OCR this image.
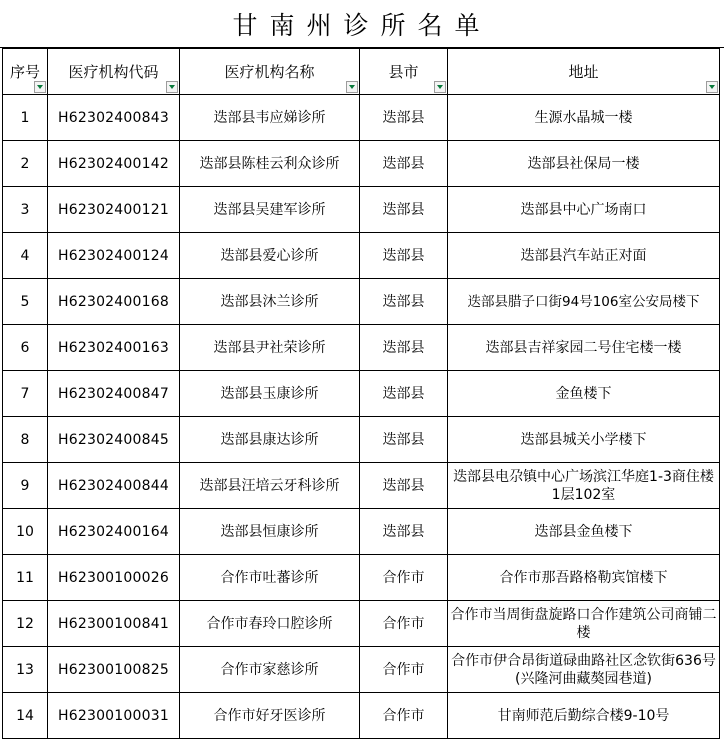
甘南州诊所名单
序号	医疗机构代码	医疗机构名称	县市	地址

1	H62302400843	迭部县韦应娣诊所	迭部县	生源水晶城一楼
2	H62302400142	迭部县陈桂云利众诊所	迭部县	迭部县社保局一楼
3	H62302400121	迭部县吴建军诊所	迭部县	迭部县中心广场南口
4	H62302400124	迭部县爱心诊所	迭部县	迭部县汽车站正对面
5	H62302400168	迭部县沐兰诊所	迭部县	迭部县腊子口街94号106室公安局楼下
6	H62302400163	迭部县尹社荣诊所	迭部县	迭部县吉祥家园二号住宅楼一楼
7	H62302400847	迭部县玉康诊所	迭部县	金鱼楼下
8	H62302400845	迭部县康达诊所	迭部县	迭部县城关小学楼下
9	H62302400844	迭部县汪培云牙科诊所	迭部县	迭部县电尕镇中心广场滨江华庭1-3商住楼1层102室
10	H62302400164	迭部县恒康诊所	迭部县	迭部县金鱼楼下
11	H62300100026	合作市吐蕃诊所	合作市	合作市那吾路格勒宾馆楼下
12	H62300100841	合作市春玲口腔诊所	合作市	合作市当周街盘旋路口合作建筑公司商铺二楼
13	H62300100825	合作市家慈诊所	合作市	合作市伊合昂街道碌曲路社区念钦街636号(兴隆河曲藏獒园巷道)
14	H62300100031	合作市好牙医诊所	合作市	甘南师范后勤综合楼9-10号
